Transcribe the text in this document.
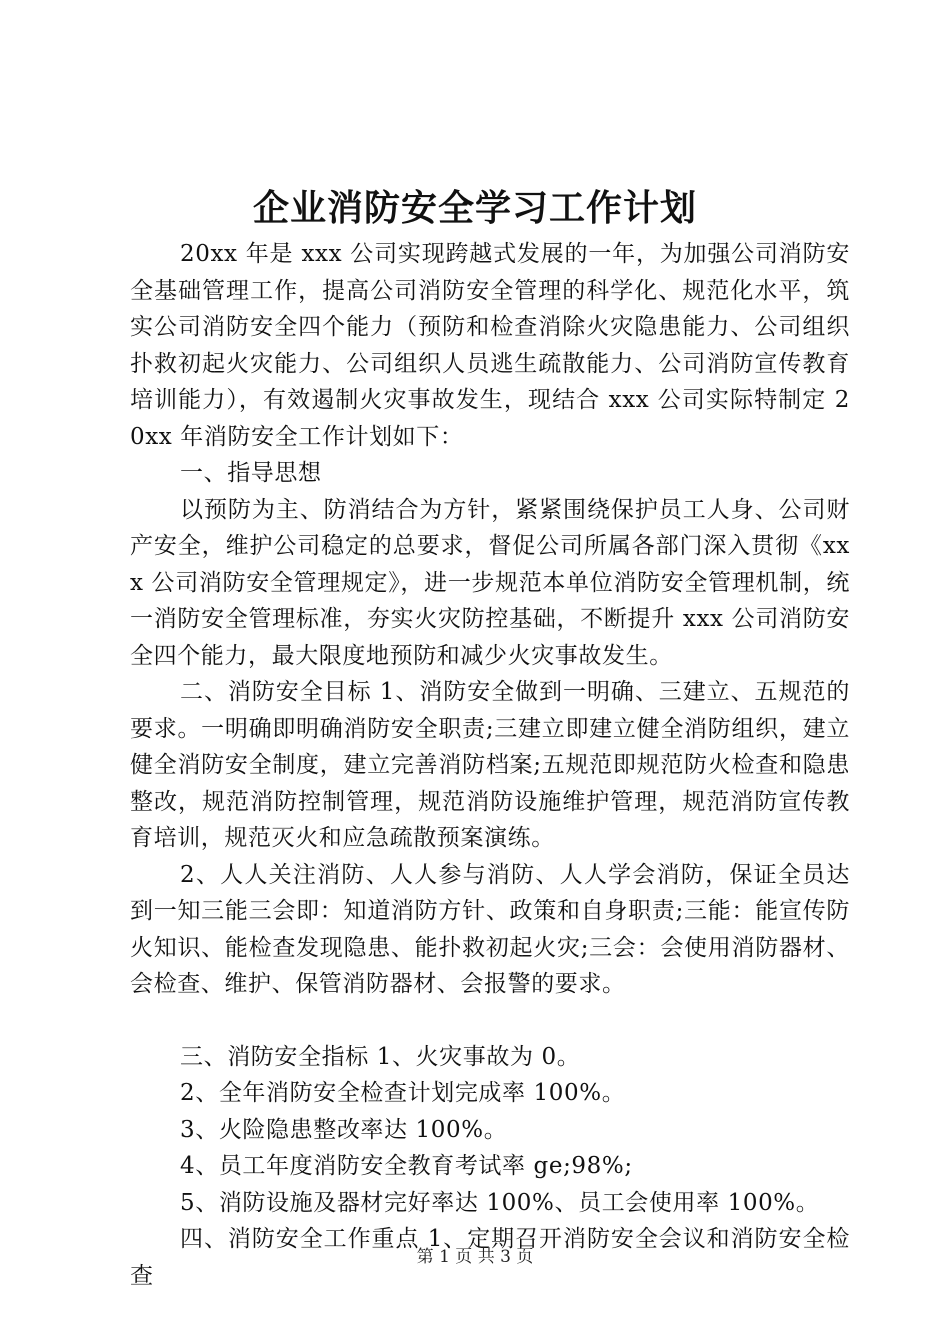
企业消防安全学习工作计划

20xx 年是 xxx 公司实现跨越式发展的一年，为加强公司消防安全基础管理工作，提高公司消防安全管理的科学化、规范化水平，筑实公司消防安全四个能力（预防和检查消除火灾隐患能力、公司组织扑救初起火灾能力、公司组织人员逃生疏散能力、公司消防宣传教育培训能力），有效遏制火灾事故发生，现结合 xxx 公司实际特制定 20xx 年消防安全工作计划如下：

一、指导思想

以预防为主、防消结合为方针，紧紧围绕保护员工人身、公司财产安全，维护公司稳定的总要求，督促公司所属各部门深入贯彻《xxx 公司消防安全管理规定》，进一步规范本单位消防安全管理机制，统一消防安全管理标准，夯实火灾防控基础，不断提升 xxx 公司消防安全四个能力，最大限度地预防和减少火灾事故发生。

二、消防安全目标 1、消防安全做到一明确、三建立、五规范的要求。一明确即明确消防安全职责;三建立即建立健全消防组织，建立健全消防安全制度，建立完善消防档案;五规范即规范防火检查和隐患整改，规范消防控制管理，规范消防设施维护管理，规范消防宣传教育培训，规范灭火和应急疏散预案演练。

2、人人关注消防、人人参与消防、人人学会消防，保证全员达到一知三能三会即：知道消防方针、政策和自身职责;三能：能宣传防火知识、能检查发现隐患、能扑救初起火灾;三会：会使用消防器材、会检查、维护、保管消防器材、会报警的要求。

三、消防安全指标 1、火灾事故为 0。

2、全年消防安全检查计划完成率 100%。

3、火险隐患整改率达 100%。

4、员工年度消防安全教育考试率 ge;98%;

5、消防设施及器材完好率达 100%、员工会使用率 100%。

四、消防安全工作重点 1、定期召开消防安全会议和消防安全检查

第 1 页 共 3 页
